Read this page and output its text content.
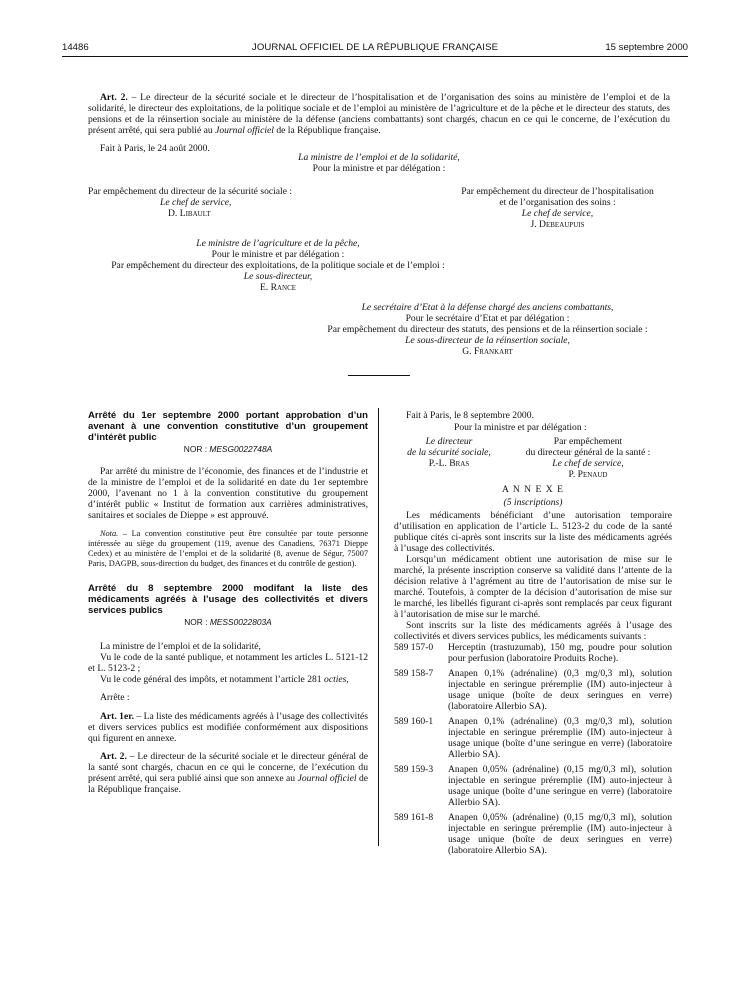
14486	JOURNAL OFFICIEL DE LA RÉPUBLIQUE FRANÇAISE	15 septembre 2000

Art. 2. – Le directeur de la sécurité sociale et le directeur de l’hospitalisation et de l’organisation des soins au ministère de l’emploi et de la solidarité, le directeur des exploitations, de la politique sociale et de l’emploi au ministère de l’agriculture et de la pêche et le directeur des statuts, des pensions et de la réinsertion sociale au ministère de la défense (anciens combattants) sont chargés, chacun en ce qui le concerne, de l’exécution du présent arrêté, qui sera publié au Journal officiel de la République française.

Fait à Paris, le 24 août 2000.

La ministre de l’emploi et de la solidarité,
Pour la ministre et par délégation :
Par empêchement du directeur de la sécurité sociale :
Le chef de service,
D. Libault
Par empêchement du directeur de l’hospitalisation
et de l’organisation des soins :
Le chef de service,
J. Debeaupuis
Le ministre de l’agriculture et de la pêche,
Pour le ministre et par délégation :
Par empêchement du directeur des exploitations, de la politique sociale et de l’emploi :
Le sous-directeur,
E. Rance
Le secrétaire d’Etat à la défense chargé des anciens combattants,
Pour le secrétaire d’Etat et par délégation :
Par empêchement du directeur des statuts, des pensions et de la réinsertion sociale :
Le sous-directeur de la réinsertion sociale,
G. Frankart
Arrêté du 1er septembre 2000 portant approbation d’un avenant à une convention constitutive d’un groupement d’intérêt public
NOR : MESG0022748A

Par arrêté du ministre de l’économie, des finances et de l’industrie et de la ministre de l’emploi et de la solidarité en date du 1er septembre 2000, l’avenant no 1 à la convention constitutive du groupement d’intérêt public « Institut de formation aux carrières administratives, sanitaires et sociales de Dieppe » est approuvé.

Nota. – La convention constitutive peut être consultée par toute personne intéressée au siège du groupement (119, avenue des Canadiens, 76371 Dieppe Cedex) et au ministère de l’emploi et de la solidarité (8, avenue de Ségur, 75007 Paris, DAGPB, sous-direction du budget, des finances et du contrôle de gestion).

Arrêté du 8 septembre 2000 modifant la liste des médicaments agréés à l’usage des collectivités et divers services publics
NOR : MESS0022803A

La ministre de l’emploi et de la solidarité,

Vu le code de la santé publique, et notamment les articles L. 5121-12 et L. 5123-2 ;

Vu le code général des impôts, et notamment l’article 281 octies,

Arrête :

Art. 1er. – La liste des médicaments agréés à l’usage des collectivités et divers services publics est modifiée conformément aux dispositions qui figurent en annexe.

Art. 2. – Le directeur de la sécurité sociale et le directeur général de la santé sont chargés, chacun en ce qui le concerne, de l’exécution du présent arrêté, qui sera publié ainsi que son annexe au Journal officiel de la République française.

Fait à Paris, le 8 septembre 2000.

Pour la ministre et par délégation :
Le directeur
de la sécurité sociale,
P.-L. Bras
Par empêchement
du directeur général de la santé :
Le chef de service,
P. Penaud
A N N E X E
(5 inscriptions)

Les médicaments bénéficiant d’une autorisation temporaire d’utilisation en application de l’article L. 5123-2 du code de la santé publique cités ci-après sont inscrits sur la liste des médicaments agréés à l’usage des collectivités.

Lorsqu’un médicament obtient une autorisation de mise sur le marché, la présente inscription conserve sa validité dans l’attente de la décision relative à l’agrément au titre de l’autorisation de mise sur le marché. Toutefois, à compter de la décision d’autorisation de mise sur le marché, les libellés figurant ci-après sont remplacés par ceux figurant à l’autorisation de mise sur le marché.

Sont inscrits sur la liste des médicaments agréés à l’usage des collectivités et divers services publics, les médicaments suivants :

589 157-0	Herceptin (trastuzumab), 150 mg, poudre pour solution pour perfusion (laboratoire Produits Roche).
589 158-7	Anapen 0,1% (adrénaline) (0,3 mg/0,3 ml), solution injectable en seringue préremplie (IM) auto-injecteur à usage unique (boîte de deux seringues en verre) (laboratoire Allerbio SA).
589 160-1	Anapen 0,1% (adrénaline) (0,3 mg/0,3 ml), solution injectable en seringue préremplie (IM) auto-injecteur à usage unique (boîte d’une seringue en verre) (laboratoire Allerbio SA).
589 159-3	Anapen 0,05% (adrénaline) (0,15 mg/0,3 ml), solution injectable en seringue préremplie (IM) auto-injecteur à usage unique (boîte d’une seringue en verre) (laboratoire Allerbio SA).
589 161-8	Anapen 0,05% (adrénaline) (0,15 mg/0,3 ml), solution injectable en seringue préremplie (IM) auto-injecteur à usage unique (boîte de deux seringues en verre) (laboratoire Allerbio SA).
